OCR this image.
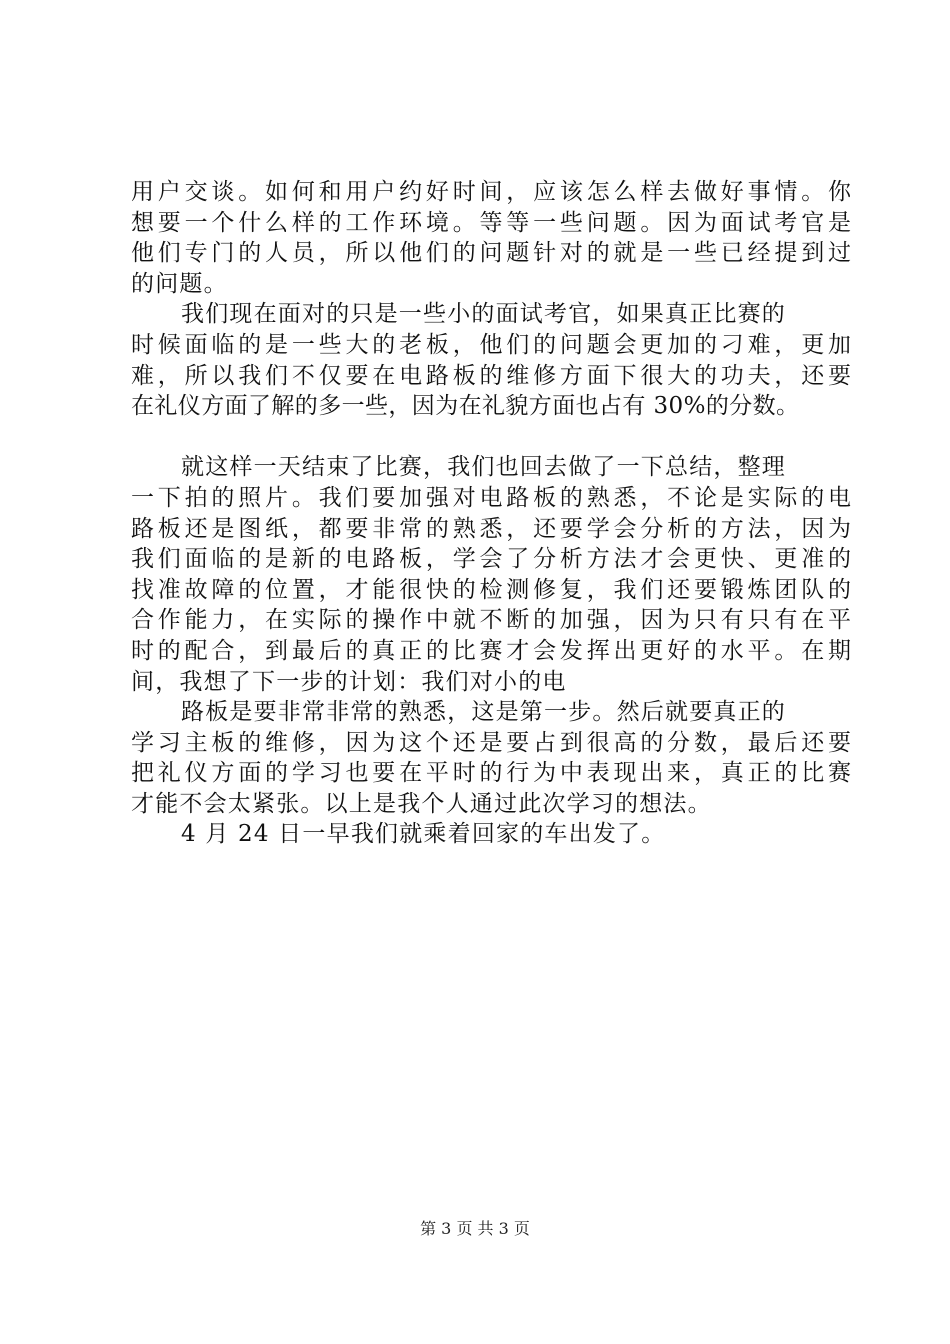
用户交谈。如何和用户约好时间，应该怎么样去做好事情。你
想要一个什么样的工作环境。等等一些问题。因为面试考官是
他们专门的人员，所以他们的问题针对的就是一些已经提到过
的问题。
我们现在面对的只是一些小的面试考官，如果真正比赛的
时候面临的是一些大的老板，他们的问题会更加的刁难，更加
难，所以我们不仅要在电路板的维修方面下很大的功夫，还要
在礼仪方面了解的多一些，因为在礼貌方面也占有 30%的分数。
就这样一天结束了比赛，我们也回去做了一下总结，整理
一下拍的照片。我们要加强对电路板的熟悉，不论是实际的电
路板还是图纸，都要非常的熟悉，还要学会分析的方法，因为
我们面临的是新的电路板，学会了分析方法才会更快、更准的
找准故障的位置，才能很快的检测修复，我们还要锻炼团队的
合作能力，在实际的操作中就不断的加强，因为只有只有在平
时的配合，到最后的真正的比赛才会发挥出更好的水平。在期
间，我想了下一步的计划：我们对小的电
路板是要非常非常的熟悉，这是第一步。然后就要真正的
学习主板的维修，因为这个还是要占到很高的分数，最后还要
把礼仪方面的学习也要在平时的行为中表现出来，真正的比赛
才能不会太紧张。以上是我个人通过此次学习的想法。
4 月 24 日一早我们就乘着回家的车出发了。
第 3 页 共 3 页
